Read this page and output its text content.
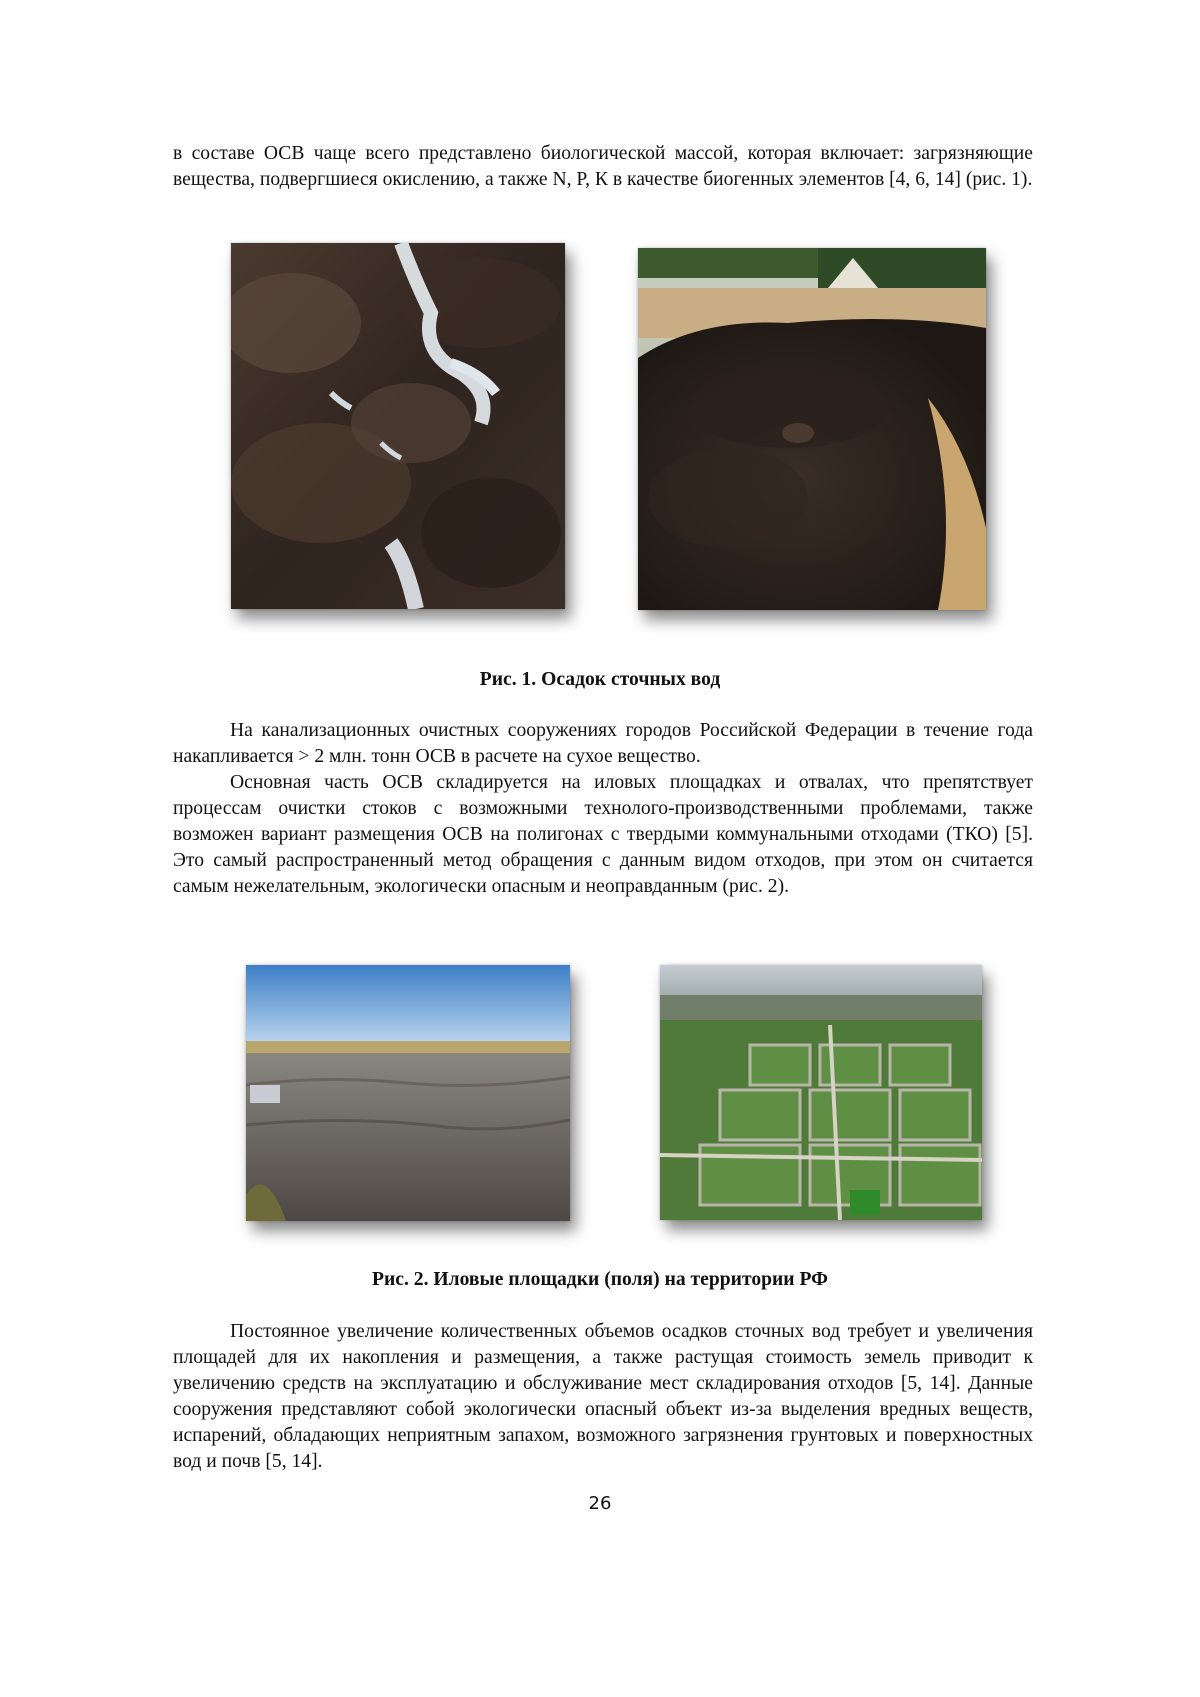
в составе ОСВ чаще всего представлено биологической массой, которая включает: загрязняющие вещества, подвергшиеся окислению, а также N, P, К в качестве биогенных элементов [4, 6, 14] (рис. 1).

Рис. 1. Осадок сточных вод

На канализационных очистных сооружениях городов Российской Федерации в течение года накапливается > 2 млн. тонн ОСВ в расчете на сухое вещество.

Основная часть ОСВ складируется на иловых площадках и отвалах, что препятствует процессам очистки стоков с возможными технолого-производственными проблемами, также возможен вариант размещения ОСВ на полигонах с твердыми коммунальными отходами (ТКО) [5]. Это самый распространенный метод обращения с данным видом отходов, при этом он считается самым нежелательным, экологически опасным и неоправданным (рис. 2).

Рис. 2. Иловые площадки (поля) на территории РФ

Постоянное увеличение количественных объемов осадков сточных вод требует и увеличения площадей для их накопления и размещения, а также растущая стоимость земель приводит к увеличению средств на эксплуатацию и обслуживание мест складирования отходов [5, 14]. Данные сооружения представляют собой экологически опасный объект из-за выделения вредных веществ, испарений, обладающих неприятным запахом, возможного загрязнения грунтовых и поверхностных вод и почв [5, 14].

26
